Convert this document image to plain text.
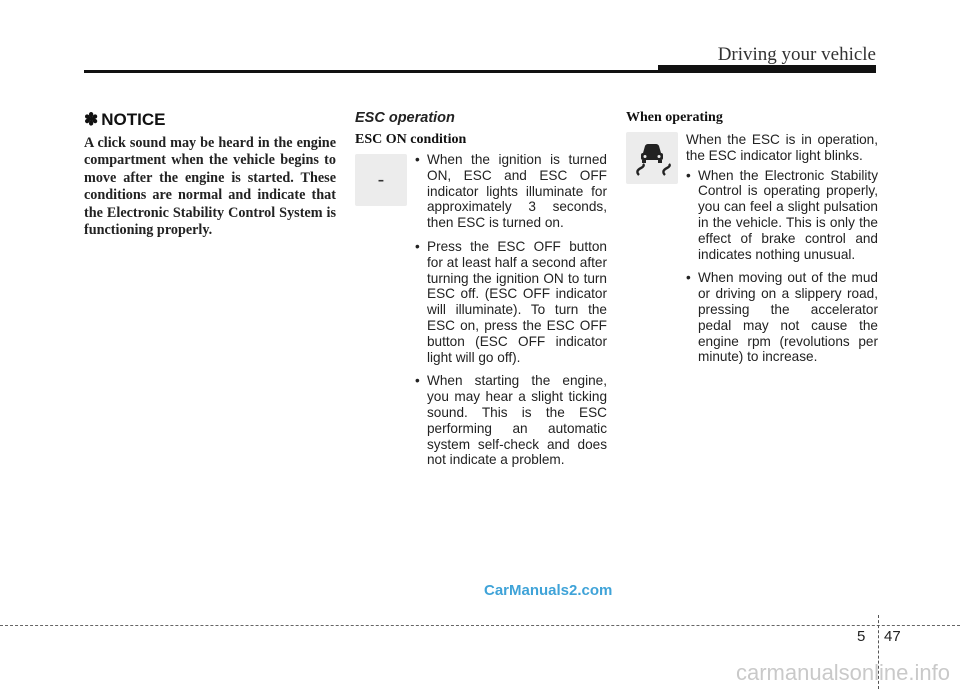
Driving your vehicle
✽ NOTICE

A click sound may be heard in the engine compartment when the vehicle begins to move after the engine is started. These conditions are normal and indicate that the Electronic Stability Control System is functioning properly.

ESC operation
ESC ON condition
-
• When the ignition is turned ON, ESC and ESC OFF indicator lights illuminate for approximately 3 seconds, then ESC is turned on.
• Press the ESC OFF button for at least half a second after turning the ignition ON to turn ESC off. (ESC OFF indicator will illuminate). To turn the ESC on, press the ESC OFF button (ESC OFF indicator light will go off).
• When starting the engine, you may hear a slight ticking sound. This is the ESC performing an automatic system self-check and does not indicate a problem.
When operating
When the ESC is in operation, the ESC indicator light blinks.
• When the Electronic Stability Control is operating properly, you can feel a slight pulsation in the vehicle. This is only the effect of brake control and indicates nothing unusual.
• When moving out of the mud or driving on a slippery road, pressing the accelerator pedal may not cause the engine rpm (revolutions per minute) to increase.
CarManuals2.com
5 47
carmanualsonline.info
